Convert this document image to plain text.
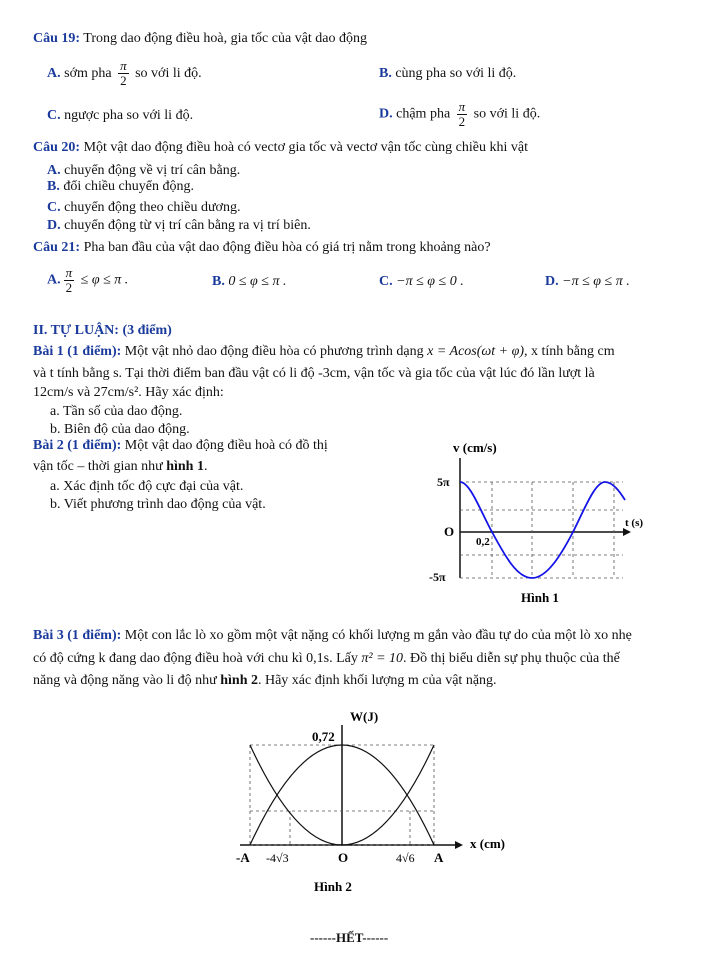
Câu 19: Trong dao động điều hoà, gia tốc của vật dao động
A. sớm pha $\frac{\pi}{2}$ so với li độ.	B. cùng pha so với li độ.
C. ngược pha so với li độ.	D. chậm pha $\frac{\pi}{2}$ so với li độ.
Câu 20: Một vật dao động điều hoà có vectơ gia tốc và vectơ vận tốc cùng chiều khi vật
A. chuyển động về vị trí cân bằng.
B. đổi chiều chuyển động.
C. chuyển động theo chiều dương.
D. chuyển động từ vị trí cân bằng ra vị trí biên.
Câu 21: Pha ban đầu của vật dao động điều hòa có giá trị nằm trong khoảng nào?
A. $\frac{\pi}{2} \le \varphi \le \pi$ .	B. 0 ≤ φ ≤ π .	C. −π ≤ φ ≤ 0 .	D. −π ≤ φ ≤ π .
II. TỰ LUẬN: (3 điểm)
Bài 1 (1 điểm): Một vật nhỏ dao động điều hòa có phương trình dạng x = Acos(ωt + φ), x tính bằng cm
và t tính bằng s. Tại thời điểm ban đầu vật có li độ -3cm, vận tốc và gia tốc của vật lúc đó lần lượt là
12cm/s và 27cm/s². Hãy xác định:
a. Tần số của dao động.
b. Biên độ của dao động.
Bài 2 (1 điểm): Một vật dao động điều hoà có đồ thị
vận tốc – thời gian như hình 1.
a. Xác định tốc độ cực đại của vật.
b. Viết phương trình dao động của vật.
v (cm/s)
5π
O
-5π
0,2
t (s)
Hình 1
Bài 3 (1 điểm): Một con lắc lò xo gồm một vật nặng có khối lượng m gắn vào đầu tự do của một lò xo nhẹ
có độ cứng k đang dao động điều hoà với chu kì 0,1s. Lấy π² = 10. Đồ thị biểu diễn sự phụ thuộc của thế
năng và động năng vào li độ như hình 2. Hãy xác định khối lượng m của vật nặng.
W(J)
0,72
x (cm)
-A -4√3	O	4√6 A
Hình 2
------HẾT------
